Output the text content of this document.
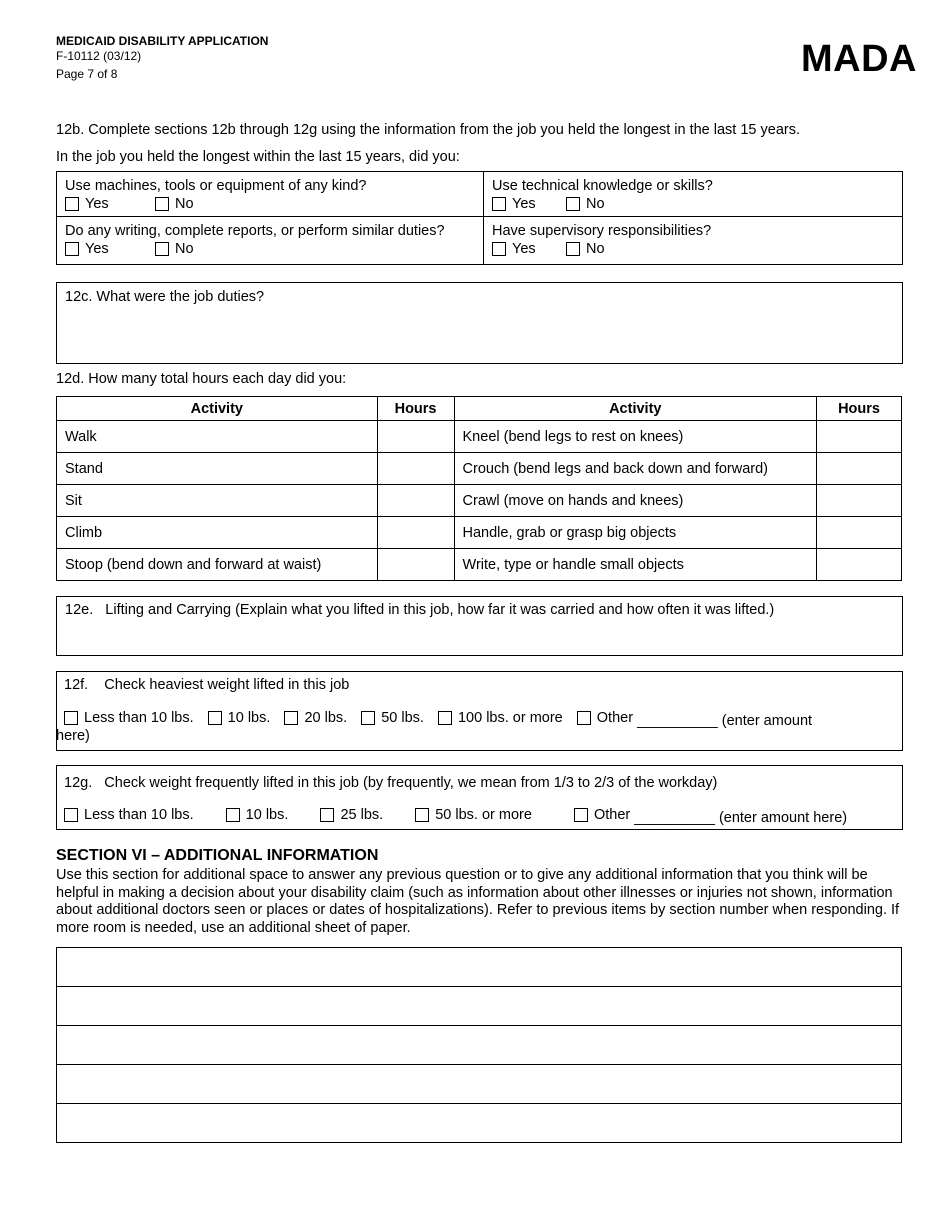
MEDICAID DISABILITY APPLICATION
F-10112 (03/12)
Page 7 of 8	MADA
12b. Complete sections 12b through 12g using the information from the job you held the longest in the last 15 years.
In the job you held the longest within the last 15 years, did you:
Use machines, tools or equipment of any kind?
Yes	No
Use technical knowledge or skills?
Yes	No
Do any writing, complete reports, or perform similar duties?
Yes	No
Have supervisory responsibilities?
Yes	No
12c. What were the job duties?
12d. How many total hours each day did you:
Activity	Hours	Activity	Hours
Walk		Kneel (bend legs to rest on knees)	
Stand		Crouch (bend legs and back down and forward)	
Sit		Crawl (move on hands and knees)	
Climb		Handle, grab or grasp big objects	
Stoop (bend down and forward at waist)		Write, type or handle small objects	
12e.   Lifting and Carrying (Explain what you lifted in this job, how far it was carried and how often it was lifted.)
12f.    Check heaviest weight lifted in this job
Less than 10 lbs.
10 lbs.
20 lbs.
50 lbs.
100 lbs. or more
Other __________ (enter amount
here)
12g.   Check weight frequently lifted in this job (by frequently, we mean from 1/3 to 2/3 of the workday)
Less than 10 lbs.
	10 lbs.
	25 lbs.
	50 lbs. or more
	Other __________ (enter amount here)
SECTION VI – ADDITIONAL INFORMATION
Use this section for additional space to answer any previous question or to give any additional information that you think will be helpful in making a decision about your disability claim (such as information about other illnesses or injuries not shown, information about additional doctors seen or places or dates of hospitalizations). Refer to previous items by section number when responding. If more room is needed, use an additional sheet of paper.
